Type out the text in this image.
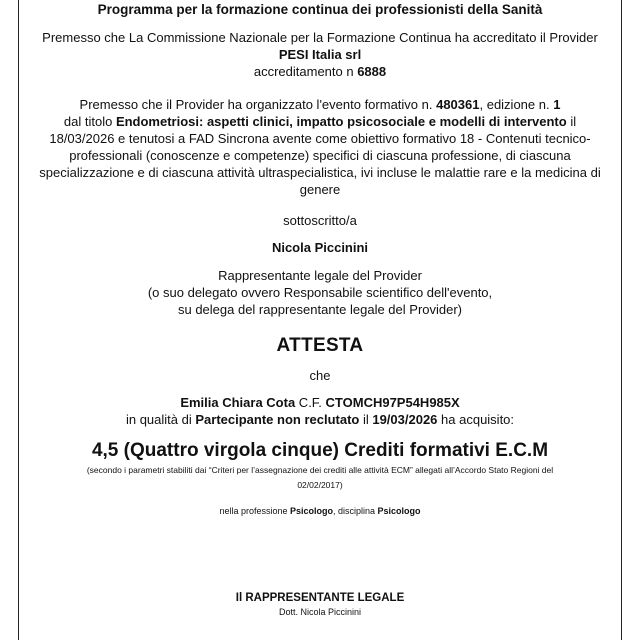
Programma per la formazione continua dei professionisti della Sanità

Premesso che La Commissione Nazionale per la Formazione Continua ha accreditato il Provider

PESI Italia srl

accreditamento n 6888

Premesso che il Provider ha organizzato l'evento formativo n. 480361, edizione n. 1

dal titolo Endometriosi: aspetti clinici, impatto psicosociale e modelli di intervento il

18/03/2026 e tenutosi a FAD Sincrona avente come obiettivo formativo 18 - Contenuti tecnico-

professionali (conoscenze e competenze) specifici di ciascuna professione, di ciascuna

specializzazione e di ciascuna attività ultraspecialistica, ivi incluse le malattie rare e la medicina di

genere

sottoscritto/a

Nicola Piccinini

Rappresentante legale del Provider

(o suo delegato ovvero Responsabile scientifico dell'evento,

su delega del rappresentante legale del Provider)

ATTESTA

che

Emilia Chiara Cota C.F. CTOMCH97P54H985X

in qualità di Partecipante non reclutato il 19/03/2026 ha acquisito:

4,5 (Quattro virgola cinque) Crediti formativi E.C.M

(secondo i parametri stabiliti dai “Criteri per l’assegnazione dei crediti alle attività ECM” allegati all’Accordo Stato Regioni del

02/02/2017)

nella professione Psicologo, disciplina Psicologo

Il RAPPRESENTANTE LEGALE

Dott. Nicola Piccinini
